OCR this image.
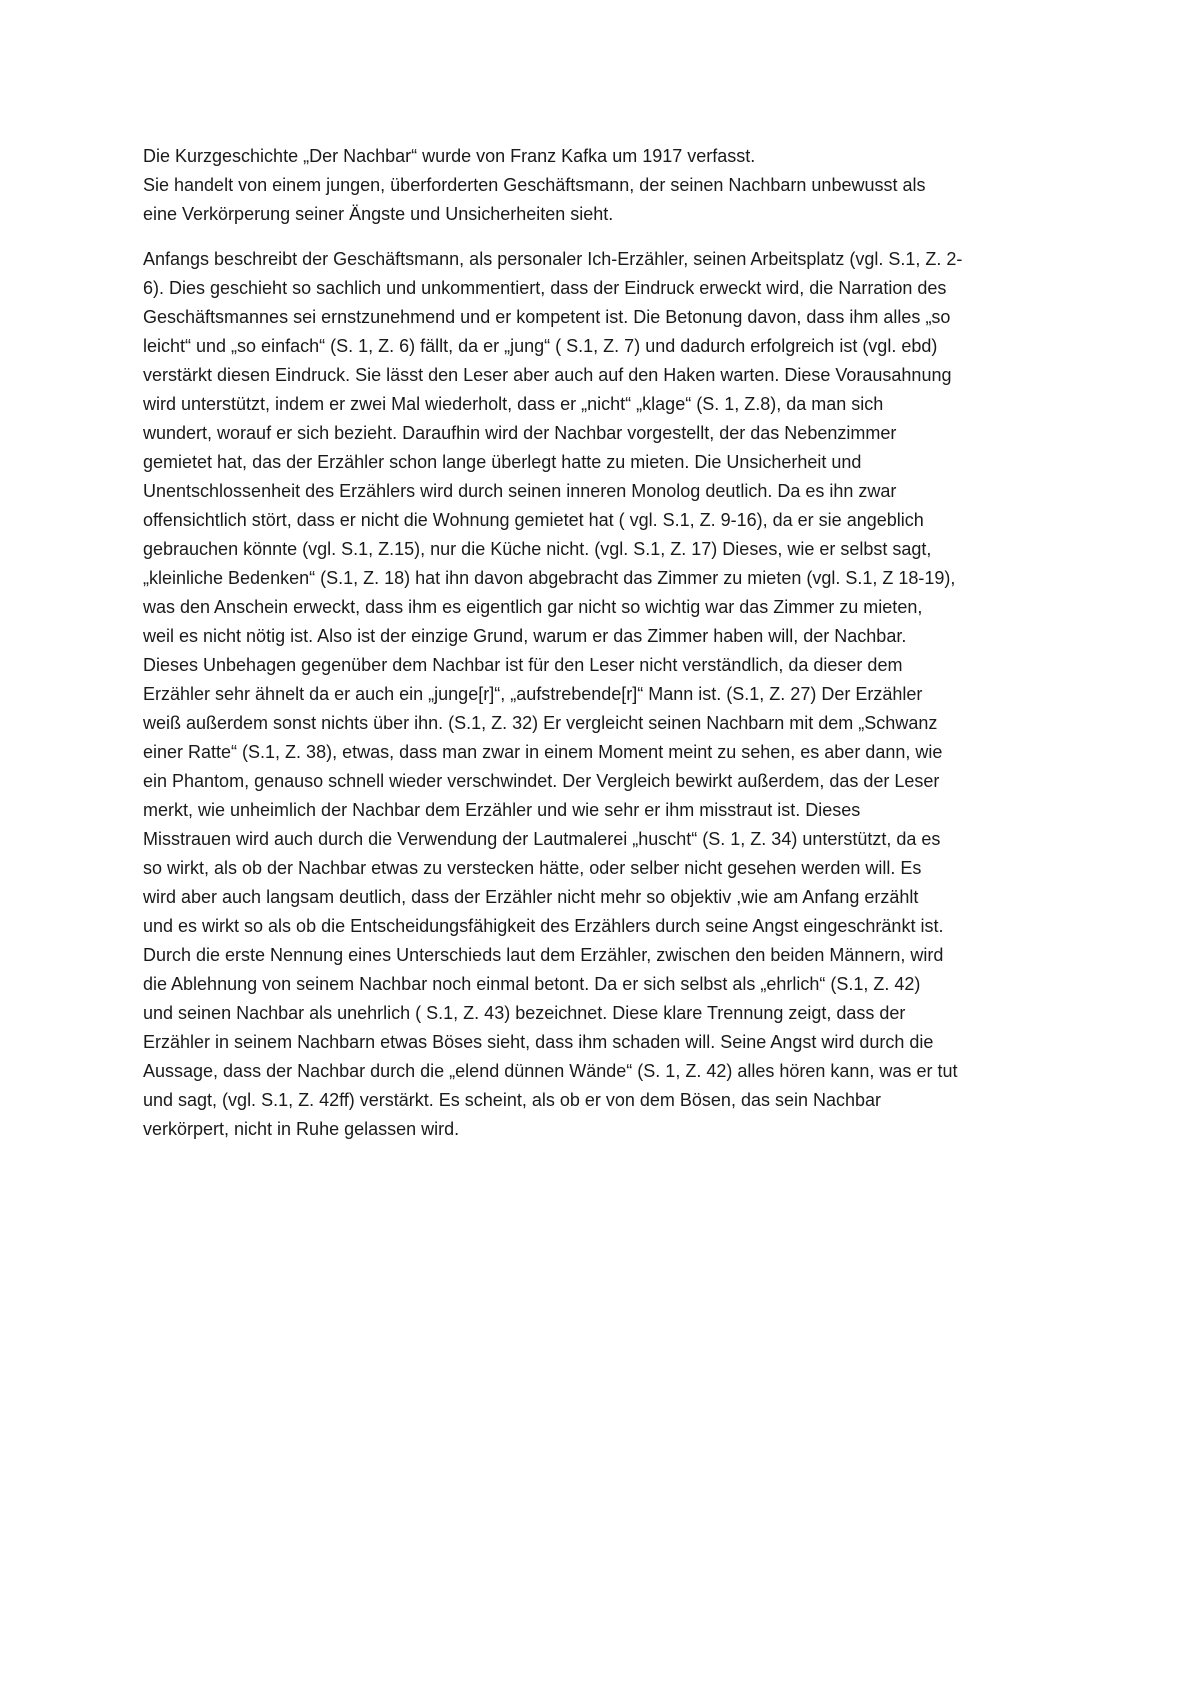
Die Kurzgeschichte „Der Nachbar“ wurde von Franz Kafka um 1917 verfasst.
Sie handelt von einem jungen, überforderten Geschäftsmann, der seinen Nachbarn unbewusst als
eine Verkörperung seiner Ängste und Unsicherheiten sieht.
Anfangs beschreibt der Geschäftsmann, als personaler Ich-Erzähler, seinen Arbeitsplatz (vgl. S.1, Z. 2-
6). Dies geschieht so sachlich und unkommentiert, dass der Eindruck erweckt wird, die Narration des
Geschäftsmannes sei ernstzunehmend und er kompetent ist. Die Betonung davon, dass ihm alles „so
leicht“ und „so einfach“ (S. 1, Z. 6) fällt, da er „jung“ ( S.1, Z. 7) und dadurch erfolgreich ist (vgl. ebd)
verstärkt diesen Eindruck. Sie lässt den Leser aber auch auf den Haken warten. Diese Vorausahnung
wird unterstützt, indem er zwei Mal wiederholt, dass er „nicht“ „klage“ (S. 1, Z.8), da man sich
wundert, worauf er sich bezieht. Daraufhin wird der Nachbar vorgestellt, der das Nebenzimmer
gemietet hat, das der Erzähler schon lange überlegt hatte zu mieten. Die Unsicherheit und
Unentschlossenheit des Erzählers wird durch seinen inneren Monolog deutlich. Da es ihn zwar
offensichtlich stört, dass er nicht die Wohnung gemietet hat ( vgl. S.1, Z. 9-16), da er sie angeblich
gebrauchen könnte (vgl. S.1, Z.15), nur die Küche nicht. (vgl. S.1, Z. 17) Dieses, wie er selbst sagt,
„kleinliche Bedenken“ (S.1, Z. 18) hat ihn davon abgebracht das Zimmer zu mieten (vgl. S.1, Z 18-19),
was den Anschein erweckt, dass ihm es eigentlich gar nicht so wichtig war das Zimmer zu mieten,
weil es nicht nötig ist. Also ist der einzige Grund, warum er das Zimmer haben will, der Nachbar.
Dieses Unbehagen gegenüber dem Nachbar ist für den Leser nicht verständlich, da dieser dem
Erzähler sehr ähnelt da er auch ein „junge[r]“, „aufstrebende[r]“ Mann ist. (S.1, Z. 27) Der Erzähler
weiß außerdem sonst nichts über ihn. (S.1, Z. 32) Er vergleicht seinen Nachbarn mit dem „Schwanz
einer Ratte“ (S.1, Z. 38), etwas, dass man zwar in einem Moment meint zu sehen, es aber dann, wie
ein Phantom, genauso schnell wieder verschwindet. Der Vergleich bewirkt außerdem, das der Leser
merkt, wie unheimlich der Nachbar dem Erzähler und wie sehr er ihm misstraut ist. Dieses
Misstrauen wird auch durch die Verwendung der Lautmalerei „huscht“ (S. 1, Z. 34) unterstützt, da es
so wirkt, als ob der Nachbar etwas zu verstecken hätte, oder selber nicht gesehen werden will. Es
wird aber auch langsam deutlich, dass der Erzähler nicht mehr so objektiv ,wie am Anfang erzählt
und es wirkt so als ob die Entscheidungsfähigkeit des Erzählers durch seine Angst eingeschränkt ist.
Durch die erste Nennung eines Unterschieds laut dem Erzähler, zwischen den beiden Männern, wird
die Ablehnung von seinem Nachbar noch einmal betont. Da er sich selbst als „ehrlich“ (S.1, Z. 42)
und seinen Nachbar als unehrlich ( S.1, Z. 43) bezeichnet. Diese klare Trennung zeigt, dass der
Erzähler in seinem Nachbarn etwas Böses sieht, dass ihm schaden will. Seine Angst wird durch die
Aussage, dass der Nachbar durch die „elend dünnen Wände“ (S. 1, Z. 42) alles hören kann, was er tut
und sagt, (vgl. S.1, Z. 42ff) verstärkt. Es scheint, als ob er von dem Bösen, das sein Nachbar
verkörpert, nicht in Ruhe gelassen wird.
